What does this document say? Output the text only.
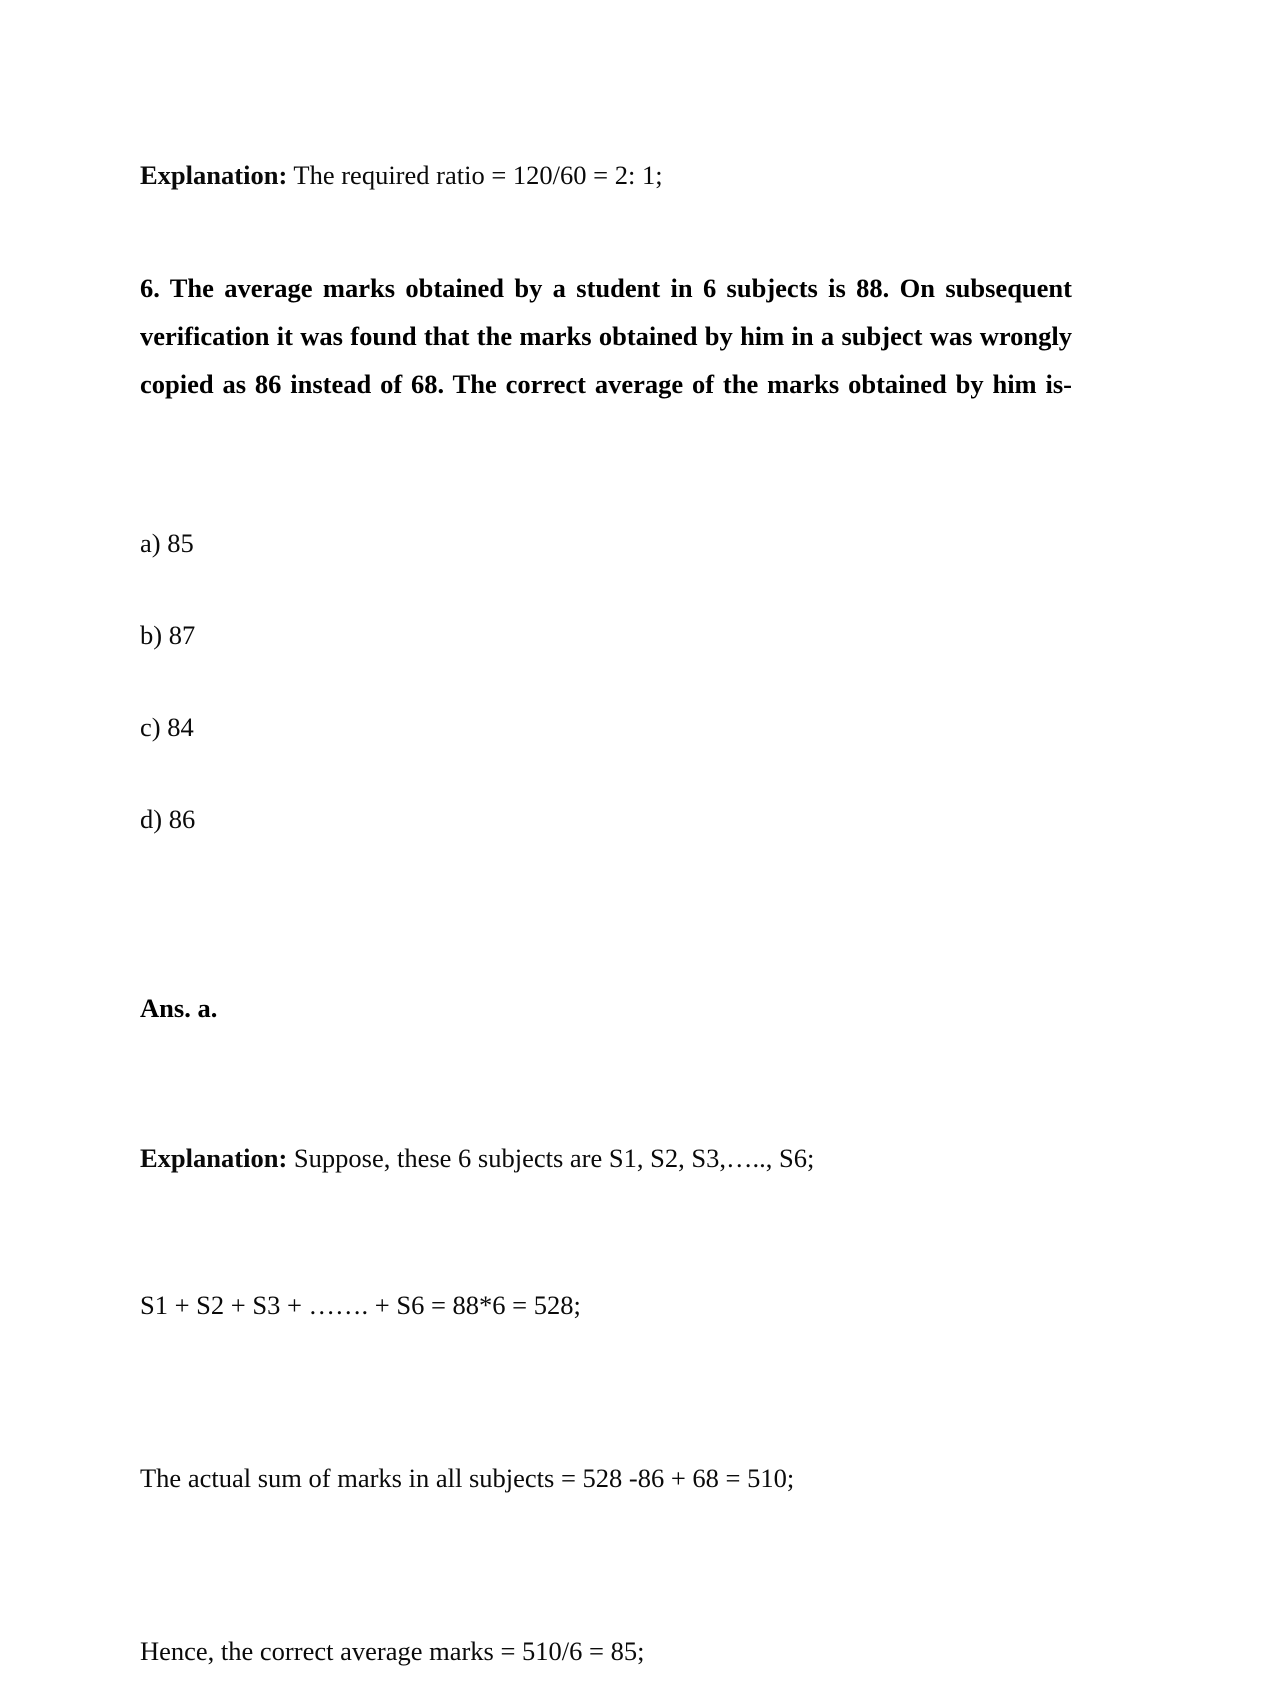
Explanation: The required ratio = 120/60 = 2: 1;

6. The average marks obtained by a student in 6 subjects is 88. On subsequent verification it was found that the marks obtained by him in a subject was wrongly copied as 86 instead of 68. The correct average of the marks obtained by him is-

a) 85
b) 87
c) 84
d) 86

Ans. a.

Explanation: Suppose, these 6 subjects are S1, S2, S3,….., S6;

S1 + S2 + S3 + ……. + S6 = 88*6 = 528;

The actual sum of marks in all subjects = 528 -86 + 68 = 510;

Hence, the correct average marks = 510/6 = 85;
